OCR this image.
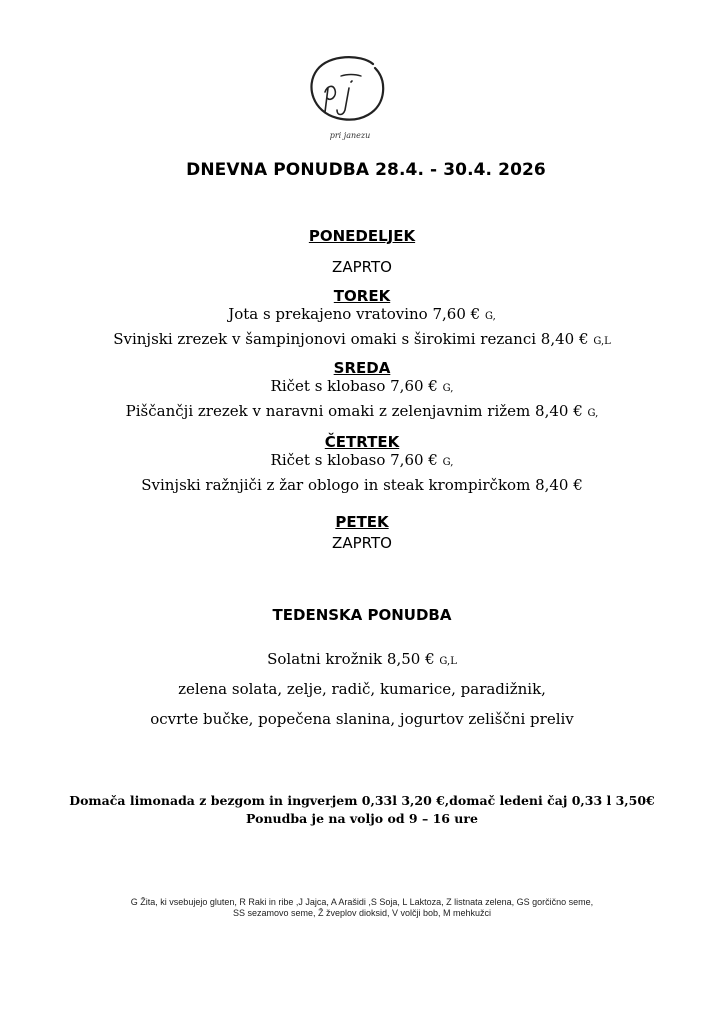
pri janezu
DNEVNA PONUDBA 28.4. - 30.4. 2026
PONEDELJEK
ZAPRTO
TOREK
Jota s prekajeno vratovino 7,60 € G,
Svinjski zrezek v šampinjonovi omaki s širokimi rezanci 8,40 € G,L
SREDA
Ričet s klobaso 7,60 € G,
Piščančji zrezek v naravni omaki z zelenjavnim rižem 8,40 € G,
ČETRTEK
Ričet s klobaso 7,60 € G,
Svinjski ražnjiči z žar oblogo in steak krompirčkom 8,40 €
PETEK
ZAPRTO
TEDENSKA PONUDBA
Solatni krožnik 8,50 € G,L
zelena solata, zelje, radič, kumarice, paradižnik,
ocvrte bučke, popečena slanina, jogurtov zeliščni preliv
Domača limonada z bezgom in ingverjem 0,33l 3,20 €,domač ledeni čaj 0,33 l 3,50€
Ponudba je na voljo od 9 – 16 ure
G Žita, ki vsebujejo gluten, R Raki in ribe ,J Jajca, A Arašidi ,S Soja, L Laktoza, Z listnata zelena, GS gorčično seme,
SS sezamovo seme, Ž žveplov dioksid, V volčji bob, M mehkužci
